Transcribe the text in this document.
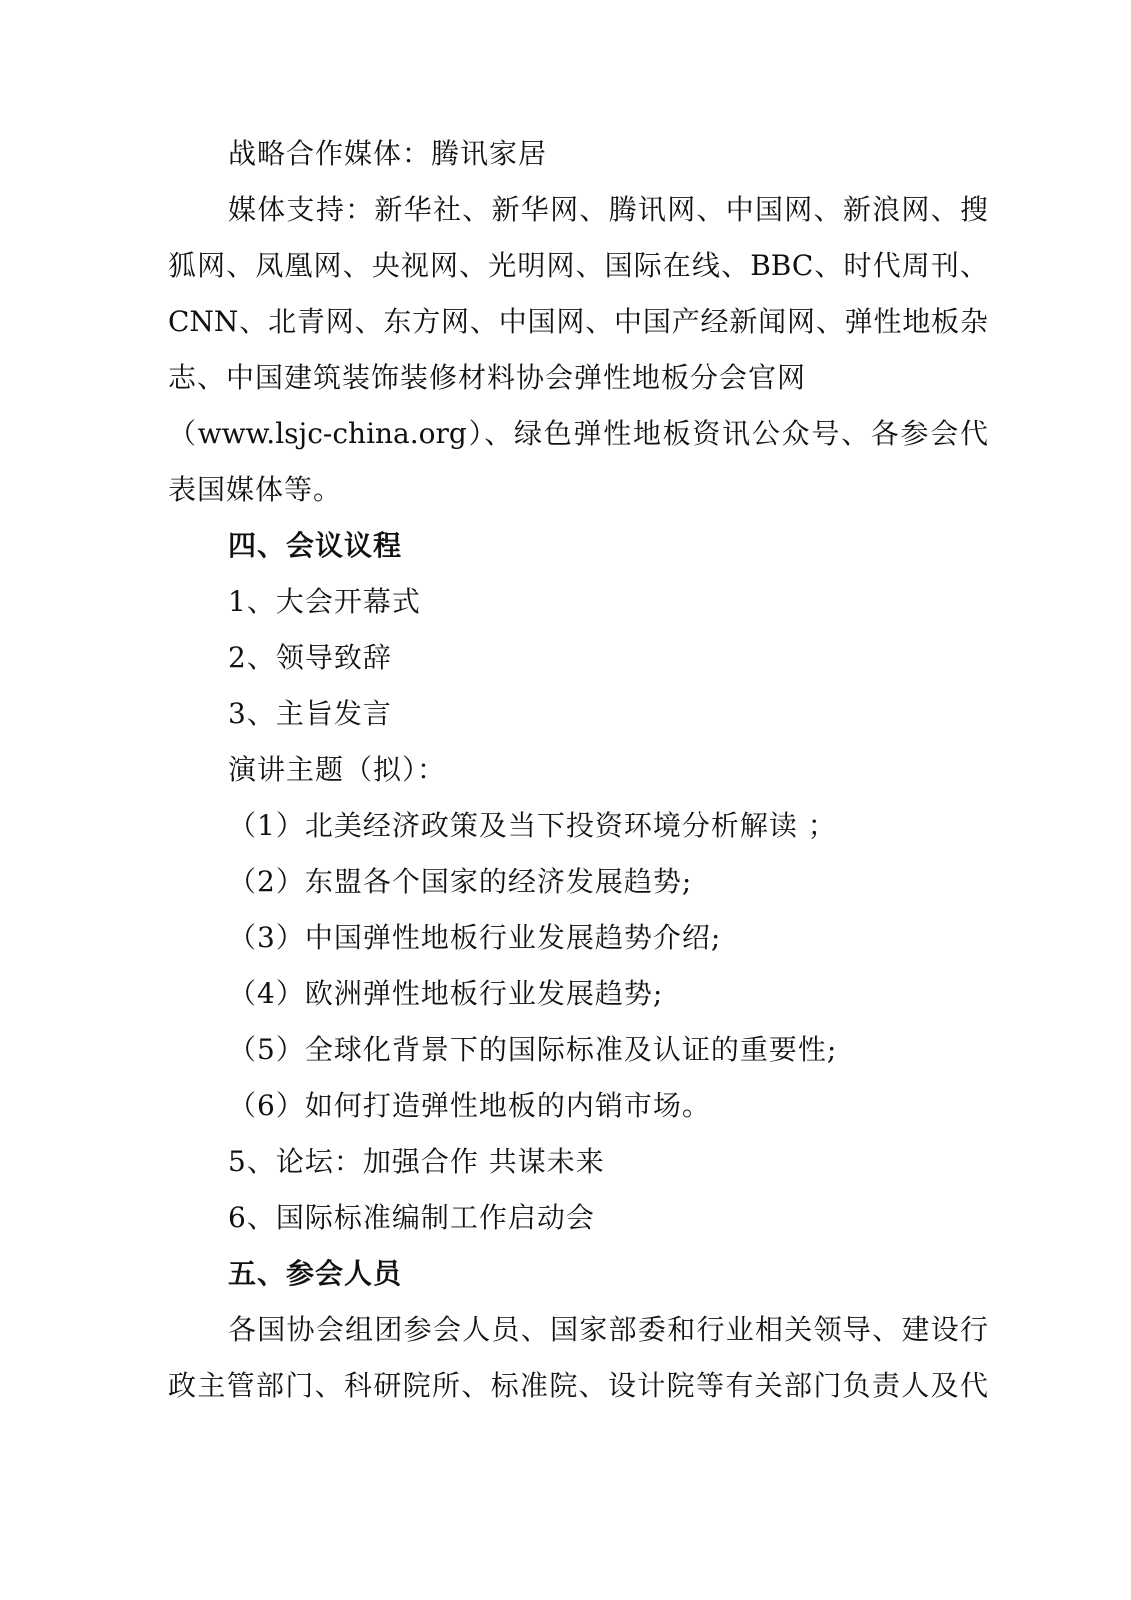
战略合作媒体：腾讯家居
媒体支持：新华社、新华网、腾讯网、中国网、新浪网、搜
狐网、凤凰网、央视网、光明网、国际在线、BBC、时代周刊、
CNN、北青网、东方网、中国网、中国产经新闻网、弹性地板杂
志、中国建筑装饰装修材料协会弹性地板分会官网
（www.lsjc-china.org）、绿色弹性地板资讯公众号、各参会代
表国媒体等。
四、会议议程
1、大会开幕式
2、领导致辞
3、主旨发言
演讲主题（拟）：
（1）北美经济政策及当下投资环境分析解读 ；
（2）东盟各个国家的经济发展趋势;
（3）中国弹性地板行业发展趋势介绍;
（4）欧洲弹性地板行业发展趋势;
（5）全球化背景下的国际标准及认证的重要性;
（6）如何打造弹性地板的内销市场。
5、论坛：加强合作 共谋未来
6、国际标准编制工作启动会
五、参会人员
各国协会组团参会人员、国家部委和行业相关领导、建设行
政主管部门、科研院所、标准院、设计院等有关部门负责人及代
